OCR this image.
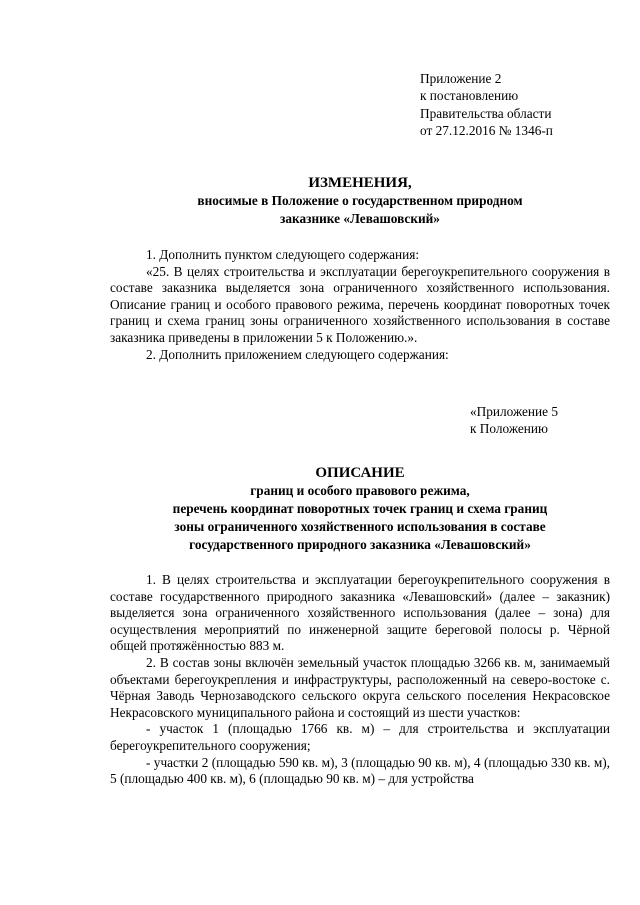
Приложение 2
к постановлению
Правительства области
от 27.12.2016 № 1346-п
ИЗМЕНЕНИЯ,
вносимые в Положение о государственном природном
заказнике «Левашовский»

1. Дополнить пунктом следующего содержания:

«25. В целях строительства и эксплуатации берегоукрепительного сооружения в составе заказника выделяется зона ограниченного хозяйственного использования. Описание границ и особого правового режима, перечень координат поворотных точек границ и схема границ зоны ограниченного хозяйственного использования в составе заказника приведены в приложении 5 к Положению.».

2. Дополнить приложением следующего содержания:

«Приложение 5
к Положению
ОПИСАНИЕ
границ и особого правового режима,
перечень координат поворотных точек границ и схема границ
зоны ограниченного хозяйственного использования в составе
государственного природного заказника «Левашовский»

1. В целях строительства и эксплуатации берегоукрепительного сооружения в составе государственного природного заказника «Левашовский» (далее – заказник) выделяется зона ограниченного хозяйственного использования (далее – зона) для осуществления мероприятий по инженерной защите береговой полосы р. Чёрной общей протяжённостью 883 м.

2. В состав зоны включён земельный участок площадью 3266 кв. м, занимаемый объектами берегоукрепления и инфраструктуры, расположенный на северо-востоке с. Чёрная Заводь Чернозаводского сельского округа сельского поселения Некрасовское Некрасовского муниципального района и состоящий из шести участков:

- участок 1 (площадью 1766 кв. м) – для строительства и эксплуатации берегоукрепительного сооружения;

- участки 2 (площадью 590 кв. м), 3 (площадью 90 кв. м), 4 (площадью 330 кв. м), 5 (площадью 400 кв. м), 6 (площадью 90 кв. м) – для устройства
